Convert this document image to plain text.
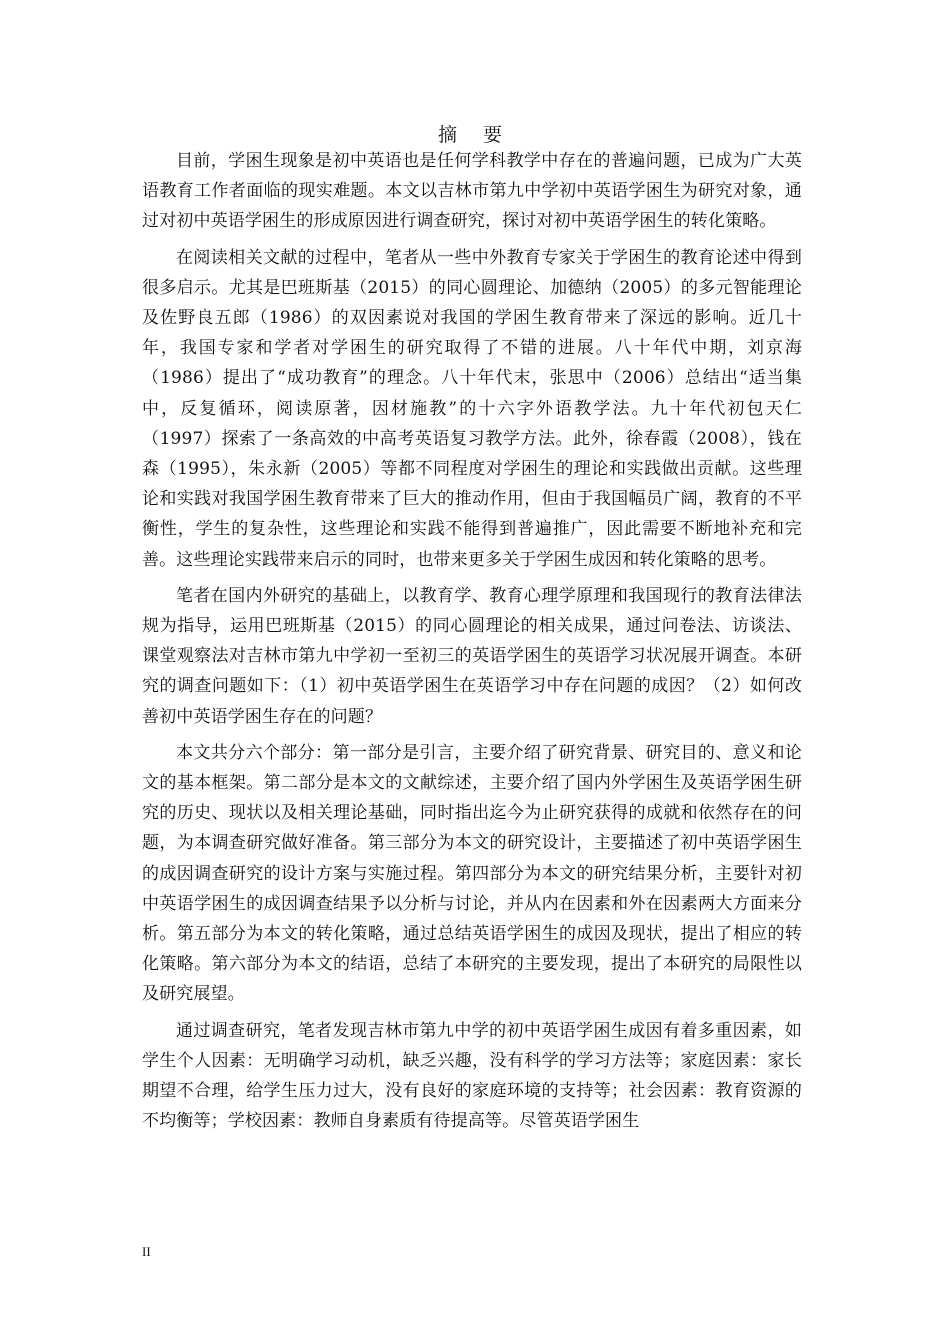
摘 要

目前，学困生现象是初中英语也是任何学科教学中存在的普遍问题，已成为广大英语教育工作者面临的现实难题。本文以吉林市第九中学初中英语学困生为研究对象，通过对初中英语学困生的形成原因进行调查研究，探讨对初中英语学困生的转化策略。

在阅读相关文献的过程中，笔者从一些中外教育专家关于学困生的教育论述中得到很多启示。尤其是巴班斯基（2015）的同心圆理论、加德纳（2005）的多元智能理论及佐野良五郎（1986）的双因素说对我国的学困生教育带来了深远的影响。近几十年，我国专家和学者对学困生的研究取得了不错的进展。八十年代中期，刘京海（1986）提出了“成功教育”的理念。八十年代末，张思中（2006）总结出“适当集中，反复循环，阅读原著，因材施教”的十六字外语教学法。九十年代初包天仁（1997）探索了一条高效的中高考英语复习教学方法。此外，徐春霞（2008），钱在森（1995），朱永新（2005）等都不同程度对学困生的理论和实践做出贡献。这些理论和实践对我国学困生教育带来了巨大的推动作用，但由于我国幅员广阔，教育的不平衡性，学生的复杂性，这些理论和实践不能得到普遍推广，因此需要不断地补充和完善。这些理论实践带来启示的同时，也带来更多关于学困生成因和转化策略的思考。

笔者在国内外研究的基础上，以教育学、教育心理学原理和我国现行的教育法律法规为指导，运用巴班斯基（2015）的同心圆理论的相关成果，通过问卷法、访谈法、课堂观察法对吉林市第九中学初一至初三的英语学困生的英语学习状况展开调查。本研究的调查问题如下：（1）初中英语学困生在英语学习中存在问题的成因？（2）如何改善初中英语学困生存在的问题？

本文共分六个部分：第一部分是引言，主要介绍了研究背景、研究目的、意义和论文的基本框架。第二部分是本文的文献综述，主要介绍了国内外学困生及英语学困生研究的历史、现状以及相关理论基础，同时指出迄今为止研究获得的成就和依然存在的问题，为本调查研究做好准备。第三部分为本文的研究设计，主要描述了初中英语学困生的成因调查研究的设计方案与实施过程。第四部分为本文的研究结果分析，主要针对初中英语学困生的成因调查结果予以分析与讨论，并从内在因素和外在因素两大方面来分析。第五部分为本文的转化策略，通过总结英语学困生的成因及现状，提出了相应的转化策略。第六部分为本文的结语，总结了本研究的主要发现，提出了本研究的局限性以及研究展望。

通过调查研究，笔者发现吉林市第九中学的初中英语学困生成因有着多重因素，如学生个人因素：无明确学习动机，缺乏兴趣，没有科学的学习方法等；家庭因素：家长期望不合理，给学生压力过大，没有良好的家庭环境的支持等；社会因素：教育资源的不均衡等；学校因素：教师自身素质有待提高等。尽管英语学困生

II
